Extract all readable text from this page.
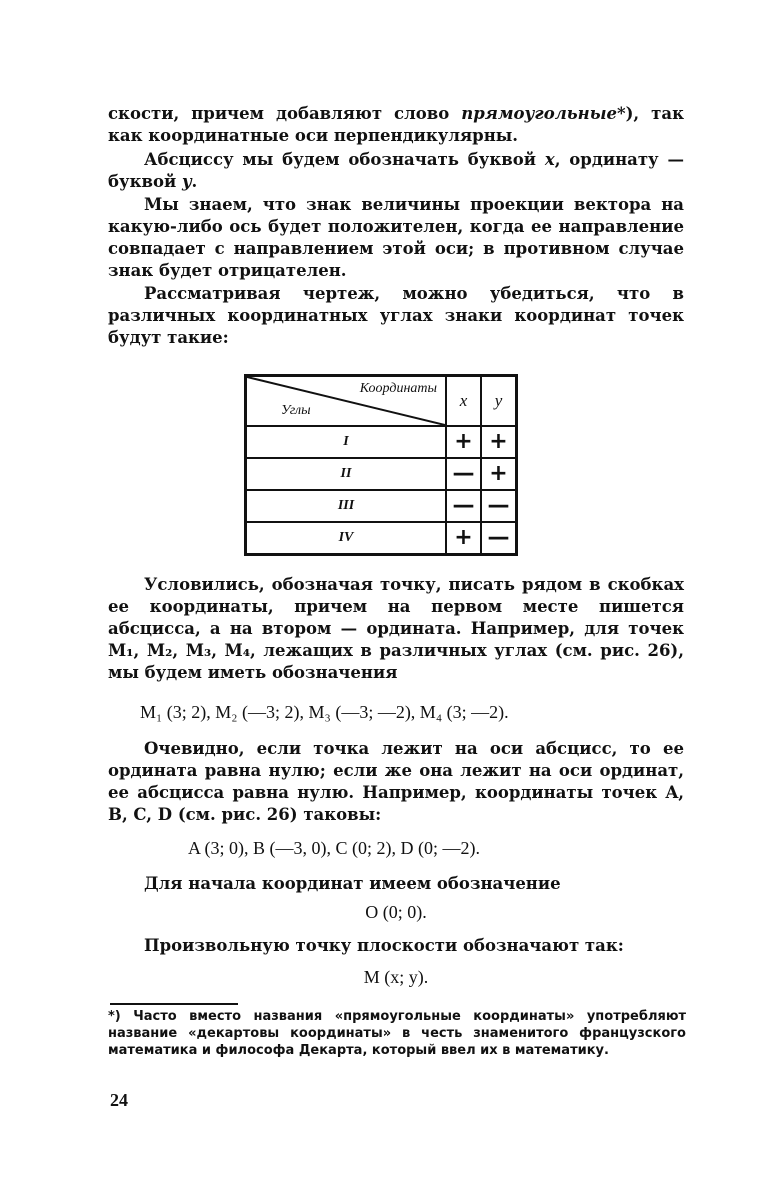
скости, причем добавляют слово прямоугольные*), так как координатные оси перпендикулярны.

Абсциссу мы будем обозначать буквой x, ординату — буквой y.

Мы знаем, что знак величины проекции вектора на какую-либо ось будет положителен, когда ее направление совпадает с направлением этой оси; в противном случае знак будет отрицателен.

Рассматривая чертеж, можно убедиться, что в различных координатных углах знаки координат точек будут такие:

Координаты
Углы	x	y
I	+	+
II	—	+
III	—	—
IV	+	—

Условились, обозначая точку, писать рядом в скобках ее координаты, причем на первом месте пишется абсцисса, а на втором — ордината. Например, для точек M₁, M₂, M₃, M₄, лежащих в различных углах (см. рис. 26), мы будем иметь обозначения

M₁ (3; 2), M₂ (—3; 2), M₃ (—3; —2), M₄ (3; —2).

Очевидно, если точка лежит на оси абсцисс, то ее ордината равна нулю; если же она лежит на оси ординат, ее абсцисса равна нулю. Например, координаты точек A, B, C, D (см. рис. 26) таковы:

A (3; 0), B (—3, 0), C (0; 2), D (0; —2).

Для начала координат имеем обозначение

O (0; 0).

Произвольную точку плоскости обозначают так:

M (x; y).

*) Часто вместо названия «прямоугольные координаты» употребляют название «декартовы координаты» в честь знаменитого французского математика и философа Декарта, который ввел их в математику.

24
